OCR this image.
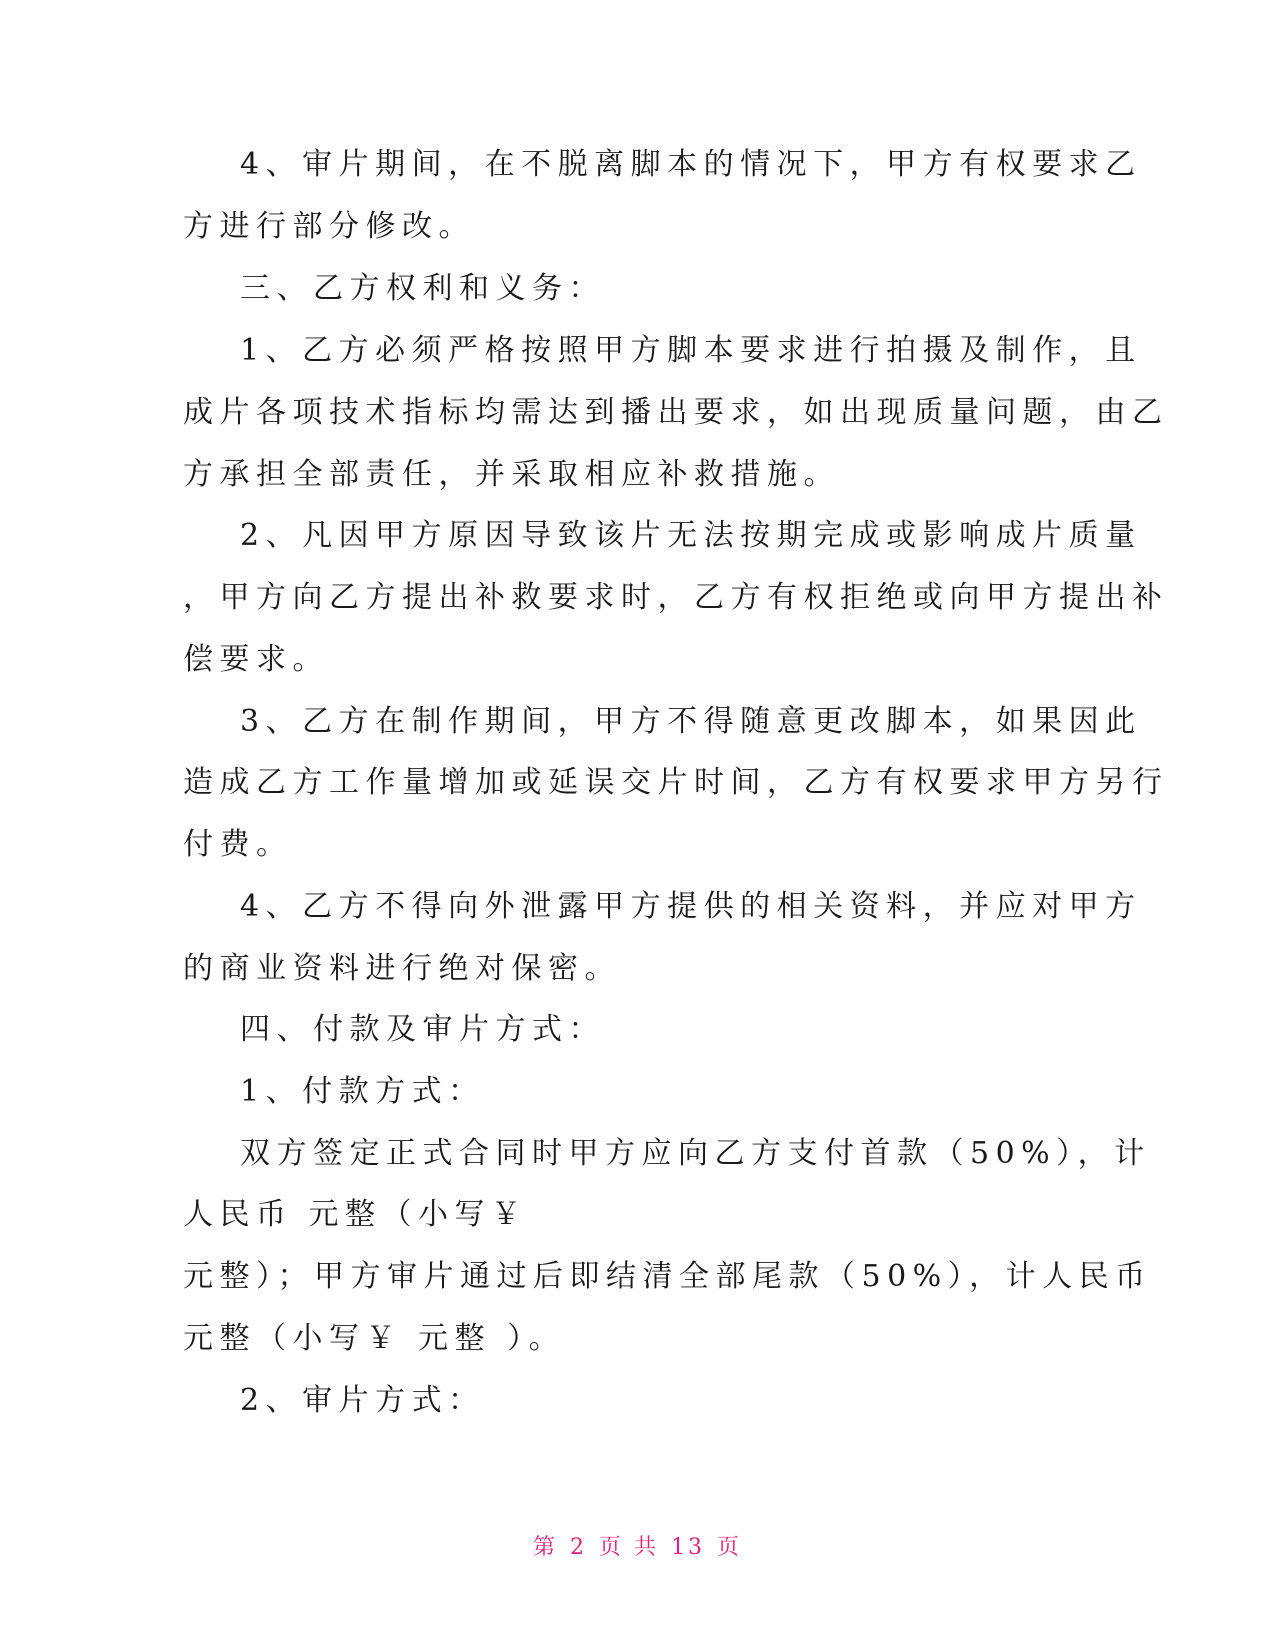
4、审片期间，在不脱离脚本的情况下，甲方有权要求乙
方进行部分修改。
三、乙方权利和义务：
1、乙方必须严格按照甲方脚本要求进行拍摄及制作，且
成片各项技术指标均需达到播出要求，如出现质量问题，由乙
方承担全部责任，并采取相应补救措施。
2、凡因甲方原因导致该片无法按期完成或影响成片质量
，甲方向乙方提出补救要求时，乙方有权拒绝或向甲方提出补
偿要求。
3、乙方在制作期间，甲方不得随意更改脚本，如果因此
造成乙方工作量增加或延误交片时间，乙方有权要求甲方另行
付费。
4、乙方不得向外泄露甲方提供的相关资料，并应对甲方
的商业资料进行绝对保密。
四、付款及审片方式：
1、付款方式：
双方签定正式合同时甲方应向乙方支付首款（50%），计
人民币 元整（小写￥
元整）；甲方审片通过后即结清全部尾款（50%），计人民币
元整（小写￥ 元整 ）。
2、审片方式：
第 2 页 共 13 页
